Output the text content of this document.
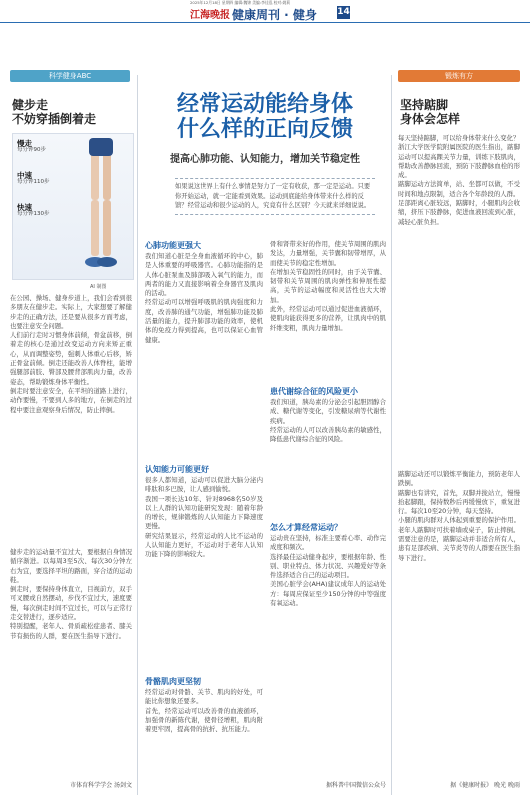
2025年12月18日 星期四 编辑:魏锦 美编:李佳泓 校对:姚莉
江海晚报 健康周刊 · 健身 14
科学健身ABC
健步走
不妨穿插倒着走
慢走
每分钟90步
中速
每分钟110步
快速
每分钟130步
AI 制图
在公园、操场、健身步道上，我们会看到很多朋友在健步走。实际上，大家想要了解健步走的正确方法，还是要从很多方面考虑，也要注意安全问题。
人们前行走时习惯身体前倾，骨盆前移，倒着走的核心是通过改变运动方向来矫正重心，从而调整姿势，强刺人体重心后移，矫正骨盆前倾。倒走还能改善人体脊柱，能增强腿部前肢、臀部及腰背部肌肉力量，改善姿态，帮助锻炼身体平衡性。
倒走时要注意安全，在平坦的道路上进行，动作要慢，不要到人多的地方，在倒走的过程中要注意观察身后情况，防止摔倒。
健步走的运动量不宜过大，要根据自身情况循序渐进。以每周3至5次、每次30分钟左右为宜，要选择平坦的路面，穿合适的运动鞋。
倒走时，要保持身体直立，目视前方，双手可叉腰或自然摆动，步伐不宜过大，速度要慢，每次倒走时间不宜过长，可以与正常行走交替进行，逐步适应。
特别提醒，老年人、骨质疏松症患者、膝关节有损伤的人群，要在医生指导下进行。
市体育科学学会 汤剑文
经常运动能给身体
什么样的正向反馈
提高心肺功能、认知能力，增加关节稳定性
如果说这世界上有什么事情是努力了一定有收获，那一定是运动。只要你开始运动，就一定能看到效果。运动到底能给身体带来什么样的反馈？经常运动和很少运动的人，究竟有什么区别？今天就来详细说说。
心肺功能更强大
我们知道心脏是全身血液循环的中心，肺是人体重要的呼吸器官。心肺功能指的是人体心脏泵血及肺部吸入氧气的能力，而两者的能力又直接影响着全身器官及肌肉的活动。
经常运动可以增强呼吸肌的肌肉强度和力度，改善肺的通气功能，增强肺功能及肺活量的能力，提升肺部功能的效率，使机体的免疫力得到提高，也可以保证心血管健康。
认知能力可能更好
很多人都知道，运动可以促进大脑分泌内啡肽和多巴胺，让人感到愉悦。
我国一项长达10年、针对8968名50岁及以上人群的认知功能研究发现：随着年龄的增长，规律锻炼的人认知能力下降速度更慢。
研究结果显示，经常运动的人比不运动的人认知能力更好，不运动对于老年人认知功能下降的影响较大。
骨骼肌肉更坚韧
经常运动对骨骼、关节、肌肉的好处，可能比你想象还要多。
首先，经常运动可以改善骨的血液循环，加强骨的新陈代谢，使骨径增粗，肌肉附着更牢固，提高骨的抗折、抗压能力。
骨和肾带来好的作用，使关节周围的肌肉发达，力量增强，关节囊和韧带增厚，从而使关节的稳定性增加。
在增加关节稳固性的同时，由于关节囊、韧带和关节周围的肌肉弹性和伸展性提高，关节的运动幅度和灵活性也大大增加。
此外，经常运动可以通过促进血液循环，使肌肉能获得更多的营养，让肌肉中的肌纤维变粗，肌肉力量增加。
患代谢综合征的风险更小
我们知道，胰岛素的分泌会引起胆固醇合成、糖代谢等变化，引发糖尿病等代谢性疾病。
经常运动的人可以改善胰岛素的敏感性，降低患代谢综合征的风险。
怎么才算经常运动？
运动贵在坚持，标准主要看心率、动作完成度和频次。
选择最佳运动健身起步，要根据年龄、性别、职业特点、体力状况、兴趣爱好等条件选择适合自己的运动项目。
美国心脏学会(AHA)建议成年人的运动处方：每周应保证至少150分钟的中等强度有氧运动。
据科普中国微信公众号
锻炼有方
坚持踮脚
身体会怎样
每天坚持踮脚，可以给身体带来什么变化？
浙江大学医学院附属医院的医生指出，踮脚运动可以提高踝关节力量，训练下肢肌肉，帮助改善静脉回流，预防下肢静脉血栓的形成。
踮脚运动方法简单，站、坐都可以做，不受时间和地点限制，适合各个年龄段的人群。
足部距离心脏较远，踮脚时，小腿肌肉会收缩，挤压下肢静脉，促进血液回流到心脏，减轻心脏负担。
踮脚运动还可以锻炼平衡能力，预防老年人跌倒。
踮脚也有讲究，首先，双脚并拢站立，慢慢抬起脚跟，保持数秒后再缓慢放下，重复进行。每次10至20分钟，每天坚持。
小腿的肌肉群对人体起到重要的保护作用。老年人踮脚时可扶着墙或桌子，防止摔倒。
需要注意的是，踮脚运动并非适合所有人，患有足部疾病、关节炎等的人群要在医生指导下进行。
据《健康时报》 晚光 晚雨
